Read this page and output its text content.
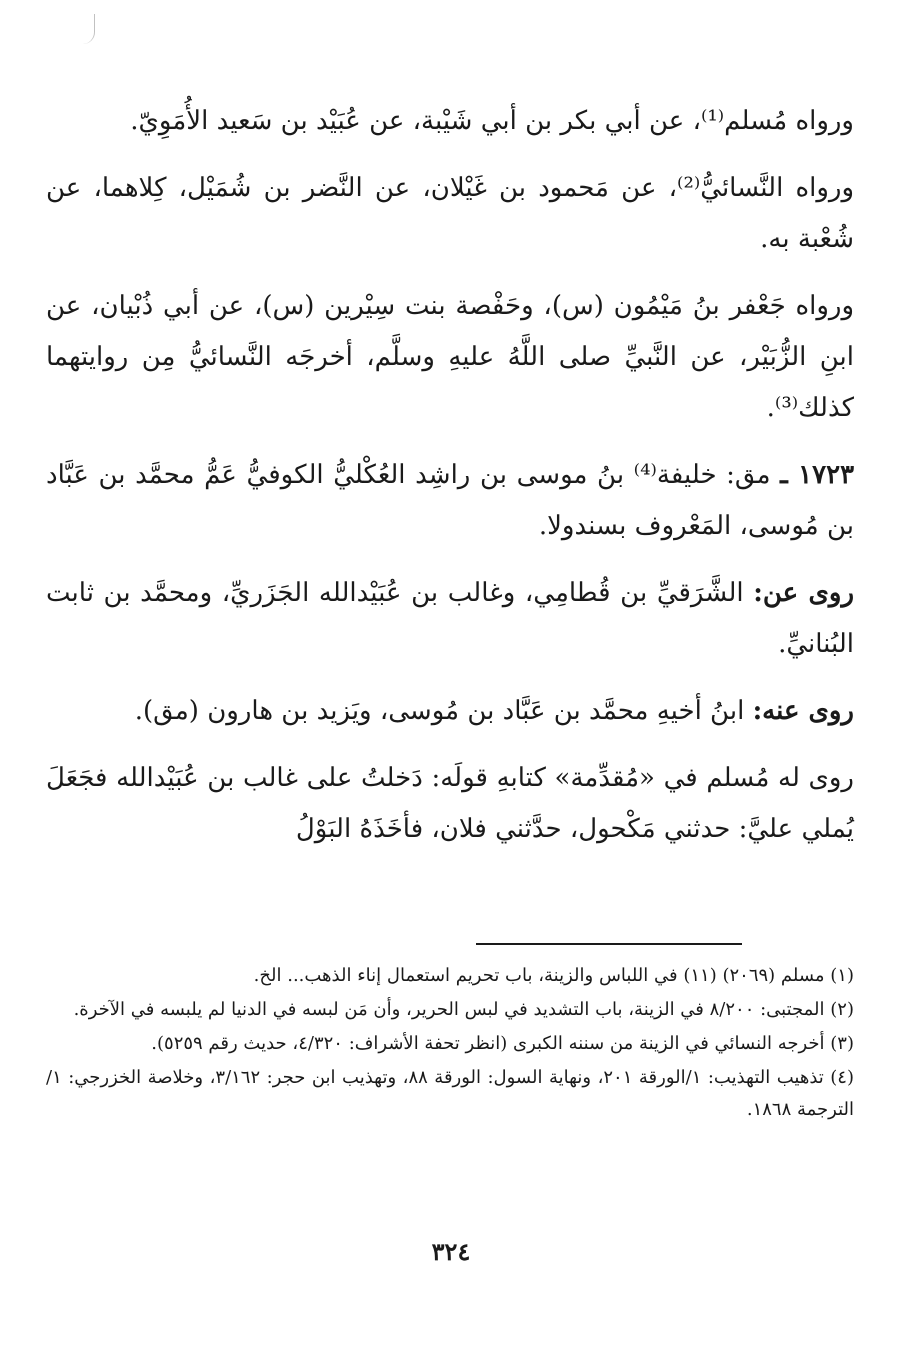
ورواه مُسلم⁽¹⁾، عن أبي بكر بن أبي شَيْبة، عن عُبَيْد بن سَعيد الأُمَوِيّ.

ورواه النَّسائيُّ⁽²⁾، عن مَحمود بن غَيْلان، عن النَّضر بن شُمَيْل، كِلاهما، عن شُعْبة به.

ورواه جَعْفر بنُ مَيْمُون (س)، وحَفْصة بنت سِيْرين (س)، عن أبي ذُبْيان، عن ابنِ الزُّبَيْر، عن النَّبيِّ صلى اللَّهُ عليهِ وسلَّم، أخرجَه النَّسائيُّ مِن روايتهما كذلك⁽³⁾.

١٧٢٣ ـ مق: خليفة⁽⁴⁾ بنُ موسى بن راشِد العُكْليُّ الكوفيُّ عَمُّ محمَّد بن عَبَّاد بن مُوسى، المَعْروف بسندولا.

روى عن: الشَّرَقيِّ بن قُطامِي، وغالب بن عُبَيْدالله الجَزَريِّ، ومحمَّد بن ثابت البُنانيِّ.

روى عنه: ابنُ أخيهِ محمَّد بن عَبَّاد بن مُوسى، ويَزيد بن هارون (مق).

روى له مُسلم في «مُقدِّمة» كتابهِ قولَه: دَخلتُ على غالب بن عُبَيْدالله فجَعَلَ يُملي عليَّ: حدثني مَكْحول، حدَّثني فلان، فأخَذَهُ البَوْلُ

(١) مسلم (٢٠٦٩) (١١) في اللباس والزينة، باب تحريم استعمال إناء الذهب... الخ.

(٢) المجتبى: ٨/٢٠٠ في الزينة، باب التشديد في لبس الحرير، وأن مَن لبسه في الدنيا لم يلبسه في الآخرة.

(٣) أخرجه النسائي في الزينة من سننه الكبرى (انظر تحفة الأشراف: ٤/٣٢٠، حديث رقم ٥٢٥٩).

(٤) تذهيب التهذيب: ١/الورقة ٢٠١، ونهاية السول: الورقة ٨٨، وتهذيب ابن حجر: ٣/١٦٢، وخلاصة الخزرجي: ١/الترجمة ١٨٦٨.

٣٢٤
